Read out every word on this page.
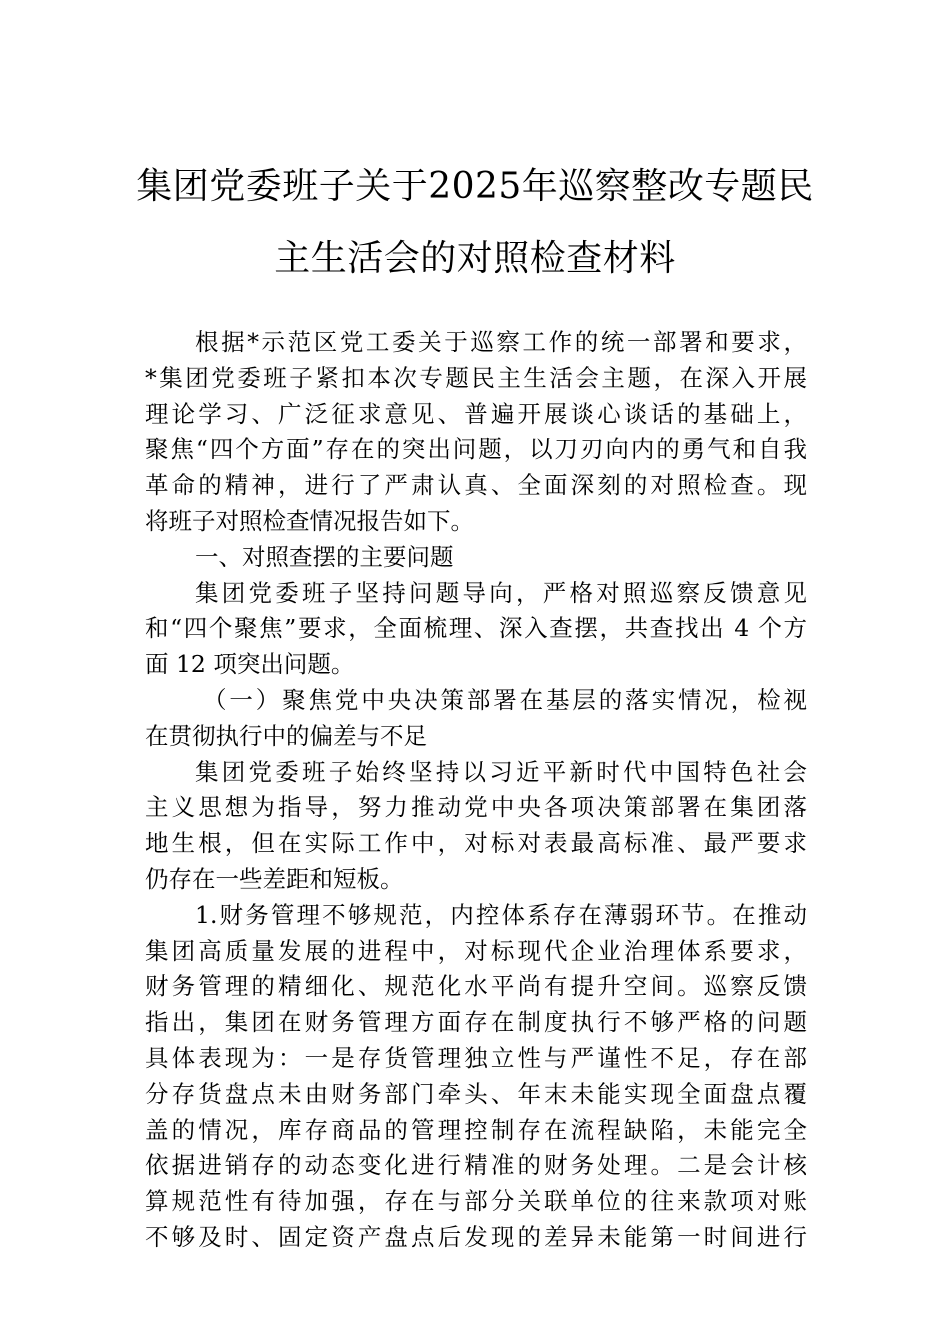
集团党委班子关于2025年巡察整改专题民
主生活会的对照检查材料
根据*示范区党工委关于巡察工作的统一部署和要求，
*集团党委班子紧扣本次专题民主生活会主题，在深入开展
理论学习、广泛征求意见、普遍开展谈心谈话的基础上，
聚焦“四个方面”存在的突出问题，以刀刃向内的勇气和自我
革命的精神，进行了严肃认真、全面深刻的对照检查。现
将班子对照检查情况报告如下。
一、对照查摆的主要问题
集团党委班子坚持问题导向，严格对照巡察反馈意见
和“四个聚焦”要求，全面梳理、深入查摆，共查找出 4 个方
面 12 项突出问题。
（一）聚焦党中央决策部署在基层的落实情况，检视
在贯彻执行中的偏差与不足
集团党委班子始终坚持以习近平新时代中国特色社会
主义思想为指导，努力推动党中央各项决策部署在集团落
地生根，但在实际工作中，对标对表最高标准、最严要求
仍存在一些差距和短板。
1.财务管理不够规范，内控体系存在薄弱环节。在推动
集团高质量发展的进程中，对标现代企业治理体系要求，
财务管理的精细化、规范化水平尚有提升空间。巡察反馈
指出，集团在财务管理方面存在制度执行不够严格的问题
具体表现为：一是存货管理独立性与严谨性不足，存在部
分存货盘点未由财务部门牵头、年末未能实现全面盘点覆
盖的情况，库存商品的管理控制存在流程缺陷，未能完全
依据进销存的动态变化进行精准的财务处理。二是会计核
算规范性有待加强，存在与部分关联单位的往来款项对账
不够及时、固定资产盘点后发现的差异未能第一时间进行
